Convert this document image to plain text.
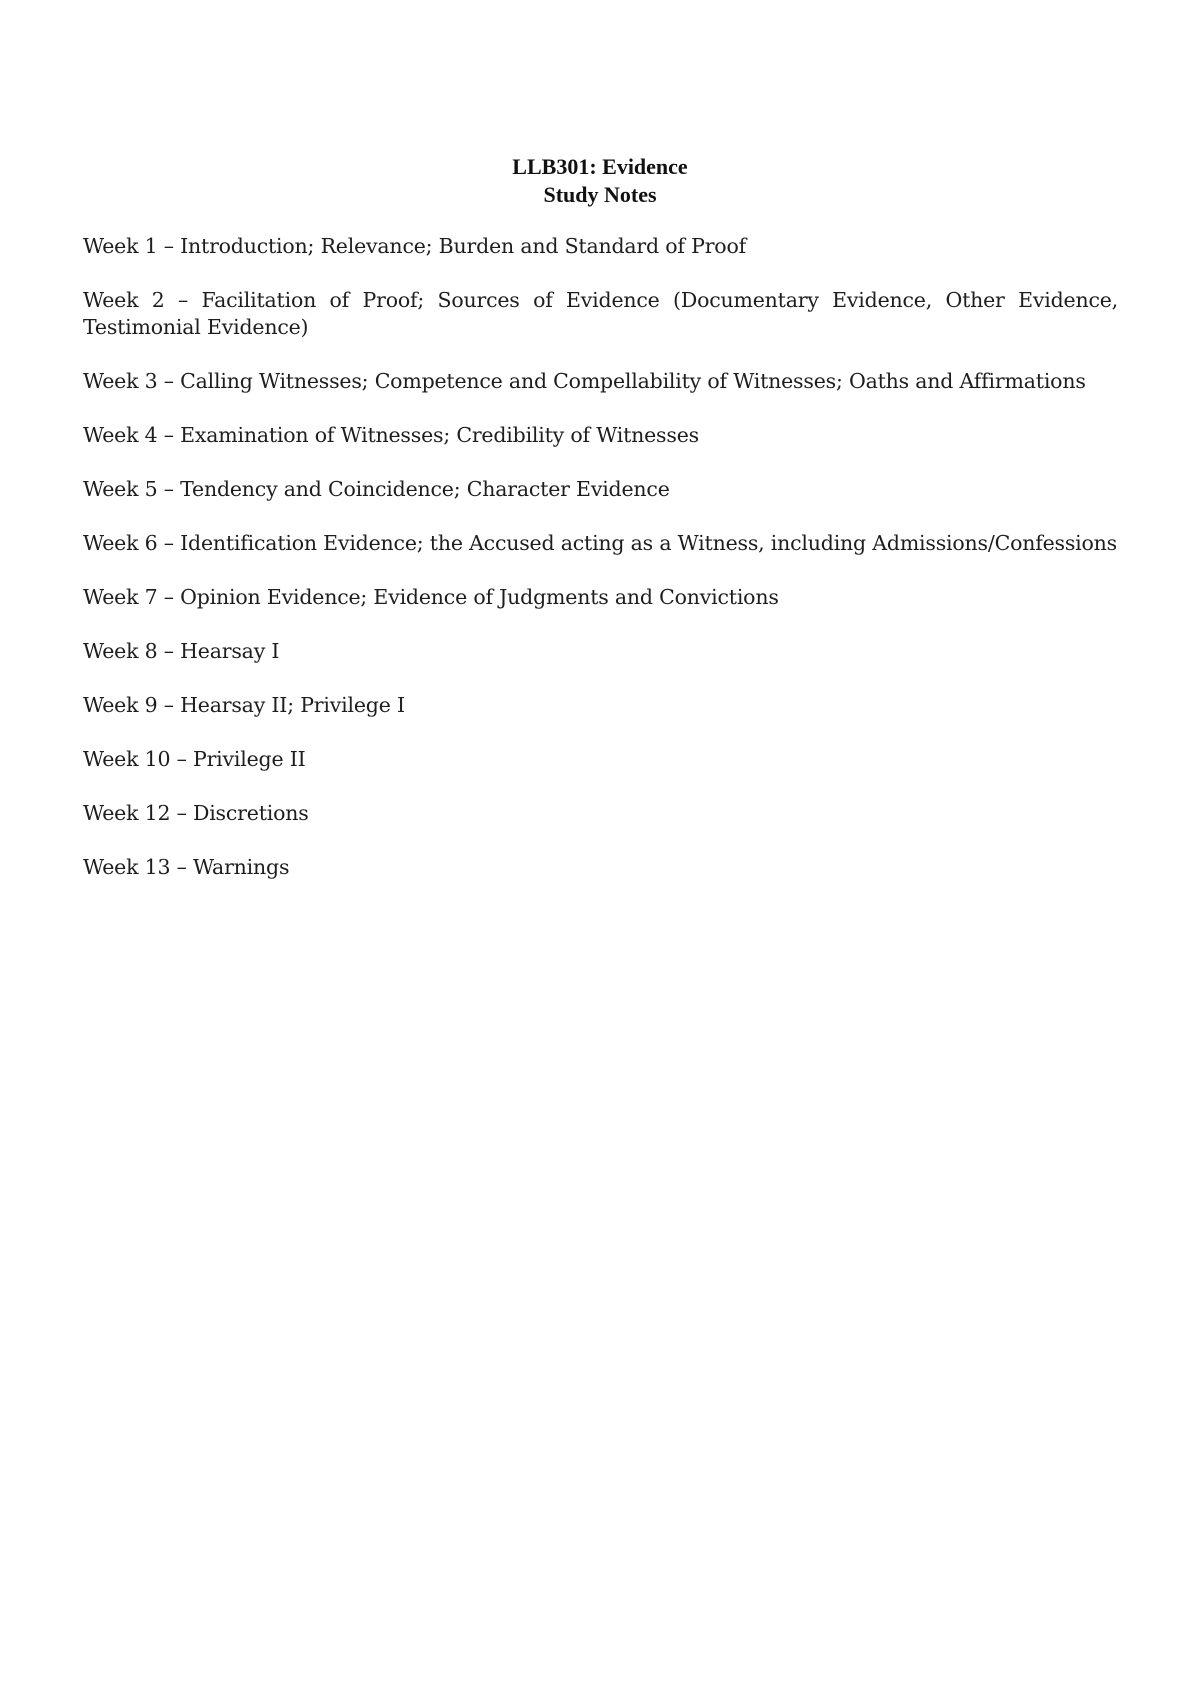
LLB301: Evidence
Study Notes

Week 1 – Introduction; Relevance; Burden and Standard of Proof

Week 2 – Facilitation of Proof; Sources of Evidence (Documentary Evidence, Other Evidence, Testimonial Evidence)

Week 3 – Calling Witnesses; Competence and Compellability of Witnesses; Oaths and Affirmations

Week 4 – Examination of Witnesses; Credibility of Witnesses

Week 5 – Tendency and Coincidence; Character Evidence

Week 6 – Identification Evidence; the Accused acting as a Witness, including Admissions/Confessions

Week 7 – Opinion Evidence; Evidence of Judgments and Convictions

Week 8 – Hearsay I

Week 9 – Hearsay II; Privilege I

Week 10 – Privilege II

Week 12 – Discretions

Week 13 – Warnings
